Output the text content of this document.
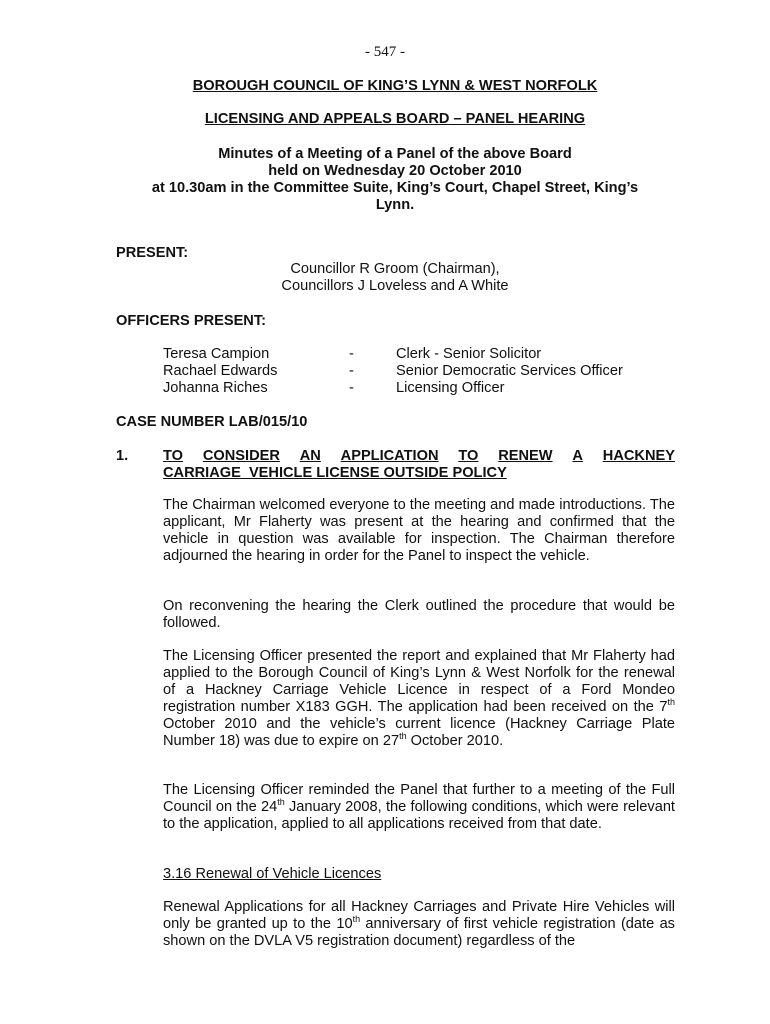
- 547 -
BOROUGH COUNCIL OF KING’S LYNN & WEST NORFOLK
LICENSING AND APPEALS BOARD – PANEL HEARING
Minutes of a Meeting of a Panel of the above Board
held on Wednesday 20 October 2010
at 10.30am in the Committee Suite, King’s Court, Chapel Street, King’s
Lynn.
PRESENT:
Councillor R Groom (Chairman),
Councillors J Loveless and A White
OFFICERS PRESENT:
Teresa Campion	-	Clerk - Senior Solicitor
Rachael Edwards	-	Senior Democratic Services Officer
Johanna Riches	-	Licensing Officer
CASE NUMBER LAB/015/10
1. TO CONSIDER AN APPLICATION TO RENEW A HACKNEY
CARRIAGE  VEHICLE LICENSE OUTSIDE POLICY

The Chairman welcomed everyone to the meeting and made introductions. The applicant, Mr Flaherty was present at the hearing and confirmed that the vehicle in question was available for inspection. The Chairman therefore adjourned the hearing in order for the Panel to inspect the vehicle.

On reconvening the hearing the Clerk outlined the procedure that would be followed.

The Licensing Officer presented the report and explained that Mr Flaherty had applied to the Borough Council of King’s Lynn & West Norfolk for the renewal of a Hackney Carriage Vehicle Licence in respect of a Ford Mondeo registration number X183 GGH. The application had been received on the 7th October 2010 and the vehicle’s current licence (Hackney Carriage Plate Number 18) was due to expire on 27th October 2010.

The Licensing Officer reminded the Panel that further to a meeting of the Full Council on the 24th January 2008, the following conditions, which were relevant to the application, applied to all applications received from that date.

3.16 Renewal of Vehicle Licences

Renewal Applications for all Hackney Carriages and Private Hire Vehicles will only be granted up to the 10th anniversary of first vehicle registration (date as shown on the DVLA V5 registration document) regardless of the
